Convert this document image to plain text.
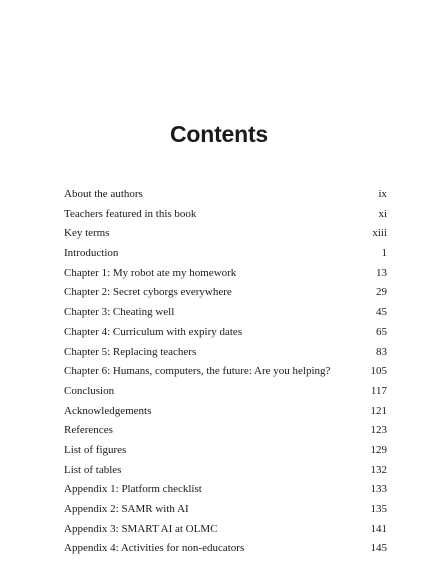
Contents
About the authors	ix
Teachers featured in this book	xi
Key terms	xiii
Introduction	1
Chapter 1: My robot ate my homework	13
Chapter 2: Secret cyborgs everywhere	29
Chapter 3: Cheating well	45
Chapter 4: Curriculum with expiry dates	65
Chapter 5: Replacing teachers	83
Chapter 6: Humans, computers, the future: Are you helping?	105
Conclusion	117
Acknowledgements	121
References	123
List of figures	129
List of tables	132
Appendix 1: Platform checklist	133
Appendix 2: SAMR with AI	135
Appendix 3: SMART AI at OLMC	141
Appendix 4: Activities for non-educators	145
